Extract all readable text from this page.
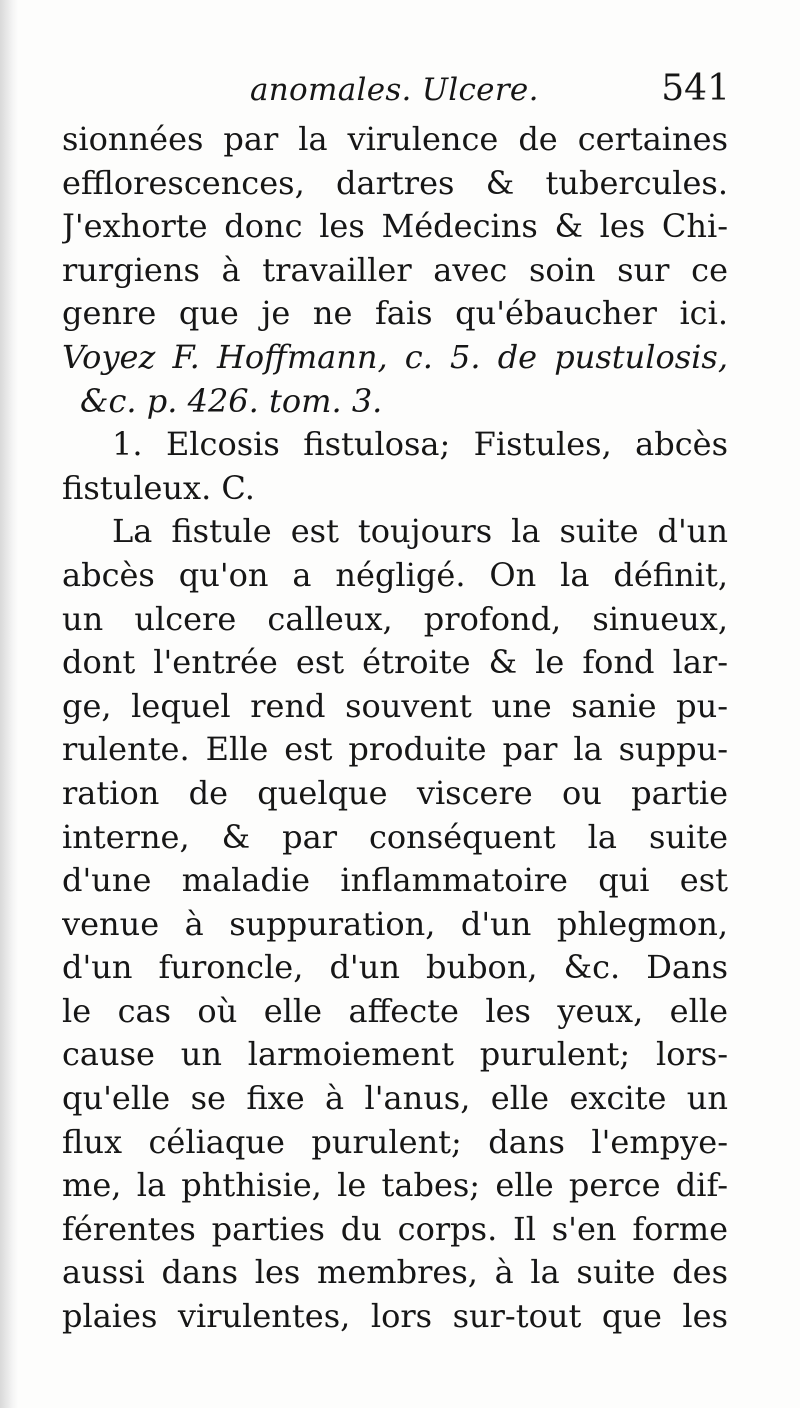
anomales. Ulcere.	541
sionnées par la virulence de certaines
efflorescences, dartres & tubercules.
J'exhorte donc les Médecins & les Chi-
rurgiens à travailler avec soin sur ce
genre que je ne fais qu'ébaucher ici.
Voyez F. Hoffmann, c. 5. de pustulosis,
&c. p. 426. tom. 3.
1. Elcosis fistulosa; Fistules, abcès
fistuleux. C.
La fistule est toujours la suite d'un
abcès qu'on a négligé. On la définit,
un ulcere calleux, profond, sinueux,
dont l'entrée est étroite & le fond lar-
ge, lequel rend souvent une sanie pu-
rulente. Elle est produite par la suppu-
ration de quelque viscere ou partie
interne, & par conséquent la suite
d'une maladie inflammatoire qui est
venue à suppuration, d'un phlegmon,
d'un furoncle, d'un bubon, &c. Dans
le cas où elle affecte les yeux, elle
cause un larmoiement purulent; lors-
qu'elle se fixe à l'anus, elle excite un
flux céliaque purulent; dans l'empye-
me, la phthisie, le tabes; elle perce dif-
férentes parties du corps. Il s'en forme
aussi dans les membres, à la suite des
plaies virulentes, lors sur-tout que les
